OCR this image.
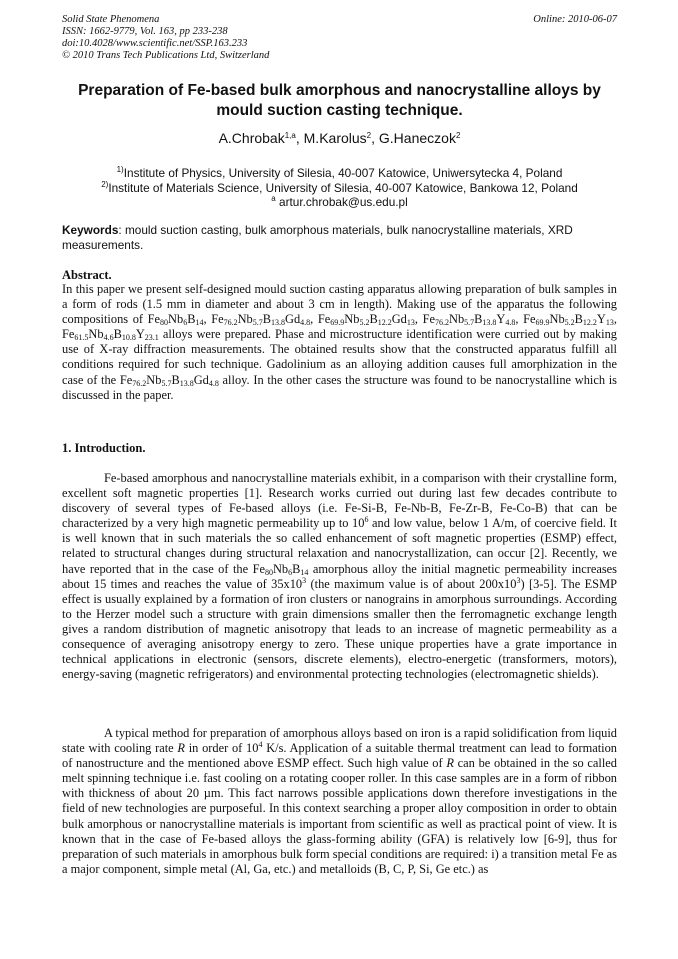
Solid State Phenomena
ISSN: 1662-9779, Vol. 163, pp 233-238
doi:10.4028/www.scientific.net/SSP.163.233
© 2010 Trans Tech Publications Ltd, Switzerland
Online: 2010-06-07
Preparation of Fe-based bulk amorphous and nanocrystalline alloys by
mould suction casting technique.
A.Chrobak$^{1,a}$, M.Karolus$^2$, G.Haneczok$^2$
$^{1)}$Institute of Physics, University of Silesia, 40-007 Katowice, Uniwersytecka 4, Poland
$^{2)}$Institute of Materials Science, University of Silesia, 40-007 Katowice, Bankowa 12, Poland
$^a$ artur.chrobak@us.edu.pl
Keywords: mould suction casting, bulk amorphous materials, bulk nanocrystalline materials, XRD measurements.
Abstract.
In this paper we present self-designed mould suction casting apparatus allowing preparation of bulk samples in a form of rods (1.5 mm in diameter and about 3 cm in length). Making use of the apparatus the following compositions of $Fe_{80}Nb_6B_{14}$, $Fe_{76.2}Nb_{5.7}B_{13.8}Gd_{4.8}$, $Fe_{69.9}Nb_{5.2}B_{12.2}Gd_{13}$, $Fe_{76.2}Nb_{5.7}B_{13.8}Y_{4.8}$, $Fe_{69.9}Nb_{5.2}B_{12.2}Y_{13}$, $Fe_{61.5}Nb_{4.6}B_{10.8}Y_{23.1}$ alloys were prepared. Phase and microstructure identification were curried out by making use of X-ray diffraction measurements. The obtained results show that the constructed apparatus fulfill all conditions required for such technique. Gadolinium as an alloying addition causes full amorphization in the case of the $Fe_{76.2}Nb_{5.7}B_{13.8}Gd_{4.8}$ alloy. In the other cases the structure was found to be nanocrystalline which is discussed in the paper.
1. Introduction.
Fe-based amorphous and nanocrystalline materials exhibit, in a comparison with their crystalline form, excellent soft magnetic properties [1]. Research works curried out during last few decades contribute to discovery of several types of Fe-based alloys (i.e. Fe-Si-B, Fe-Nb-B, Fe-Zr-B, Fe-Co-B) that can be characterized by a very high magnetic permeability up to $10^6$ and low value, below 1 A/m, of coercive field. It is well known that in such materials the so called enhancement of soft magnetic properties (ESMP) effect, related to structural changes during structural relaxation and nanocrystallization, can occur [2]. Recently, we have reported that in the case of the $Fe_{80}Nb_6B_{14}$ amorphous alloy the initial magnetic permeability increases about 15 times and reaches the value of $35x10^3$ (the maximum value is of about $200x10^3$) [3-5]. The ESMP effect is usually explained by a formation of iron clusters or nanograins in amorphous surroundings. According to the Herzer model such a structure with grain dimensions smaller then the ferromagnetic exchange length gives a random distribution of magnetic anisotropy that leads to an increase of magnetic permeability as a consequence of averaging anisotropy energy to zero. These unique properties have a grate importance in technical applications in electronic (sensors, discrete elements), electro-energetic (transformers, motors), energy-saving (magnetic refrigerators) and environmental protecting technologies (electromagnetic shields).
A typical method for preparation of amorphous alloys based on iron is a rapid solidification from liquid state with cooling rate R in order of $10^4$ K/s. Application of a suitable thermal treatment can lead to formation of nanostructure and the mentioned above ESMP effect. Such high value of R can be obtained in the so called melt spinning technique i.e. fast cooling on a rotating cooper roller. In this case samples are in a form of ribbon with thickness of about 20 µm. This fact narrows possible applications down therefore investigations in the field of new technologies are purposeful. In this context searching a proper alloy composition in order to obtain bulk amorphous or nanocrystalline materials is important from scientific as well as practical point of view. It is known that in the case of Fe-based alloys the glass-forming ability (GFA) is relatively low [6-9], thus for preparation of such materials in amorphous bulk form special conditions are required: i) a transition metal Fe as a major component, simple metal (Al, Ga, etc.) and metalloids (B, C, P, Si, Ge etc.) as
